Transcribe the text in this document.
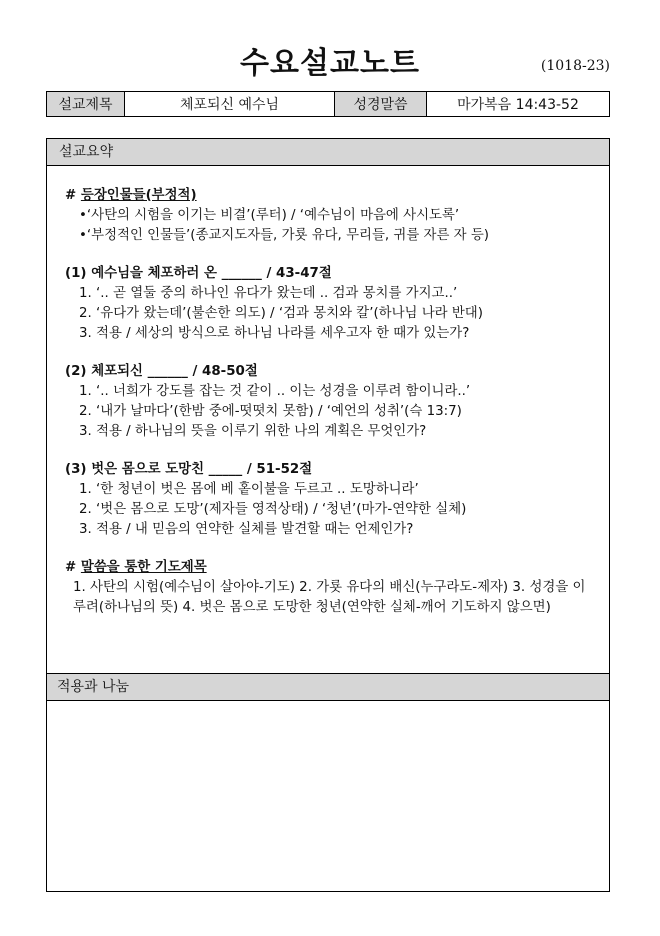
수요설교노트	(1018-23)
설교제목	체포되신 예수님	성경말씀	마가복음 14:43-52
설교요약
# 등장인물들(부정적)
•‘사탄의 시험을 이기는 비결’(루터) / ‘예수님이 마음에 사시도록’
•‘부정적인 인물들’(종교지도자들, 가룟 유다, 무리들, 귀를 자른 자 등)
(1) 예수님을 체포하러 온 ______ / 43-47절
1. ‘.. 곧 열둘 중의 하나인 유다가 왔는데 .. 검과 몽치를 가지고..’
2. ‘유다가 왔는데’(불손한 의도) / ‘검과 몽치와 칼’(하나님 나라 반대)
3. 적용 / 세상의 방식으로 하나님 나라를 세우고자 한 때가 있는가?
(2) 체포되신 ______ / 48-50절
1. ‘.. 너희가 강도를 잡는 것 같이 .. 이는 성경을 이루려 함이니라..’
2. ‘내가 날마다’(한밤 중에-떳떳치 못함) / ‘예언의 성취’(슥 13:7)
3. 적용 / 하나님의 뜻을 이루기 위한 나의 계획은 무엇인가?
(3) 벗은 몸으로 도망친 _____ / 51-52절
1. ‘한 청년이 벗은 몸에 베 홑이불을 두르고 .. 도망하니라’
2. ‘벗은 몸으로 도망’(제자들 영적상태) / ‘청년’(마가-연약한 실체)
3. 적용 / 내 믿음의 연약한 실체를 발견할 때는 언제인가?
# 말씀을 통한 기도제목
1. 사탄의 시험(예수님이 살아야-기도) 2. 가룟 유다의 배신(누구라도-제자) 3. 성경을 이루려(하나님의 뜻) 4. 벗은 몸으로 도망한 청년(연약한 실체-깨어 기도하지 않으면)
적용과 나눔
